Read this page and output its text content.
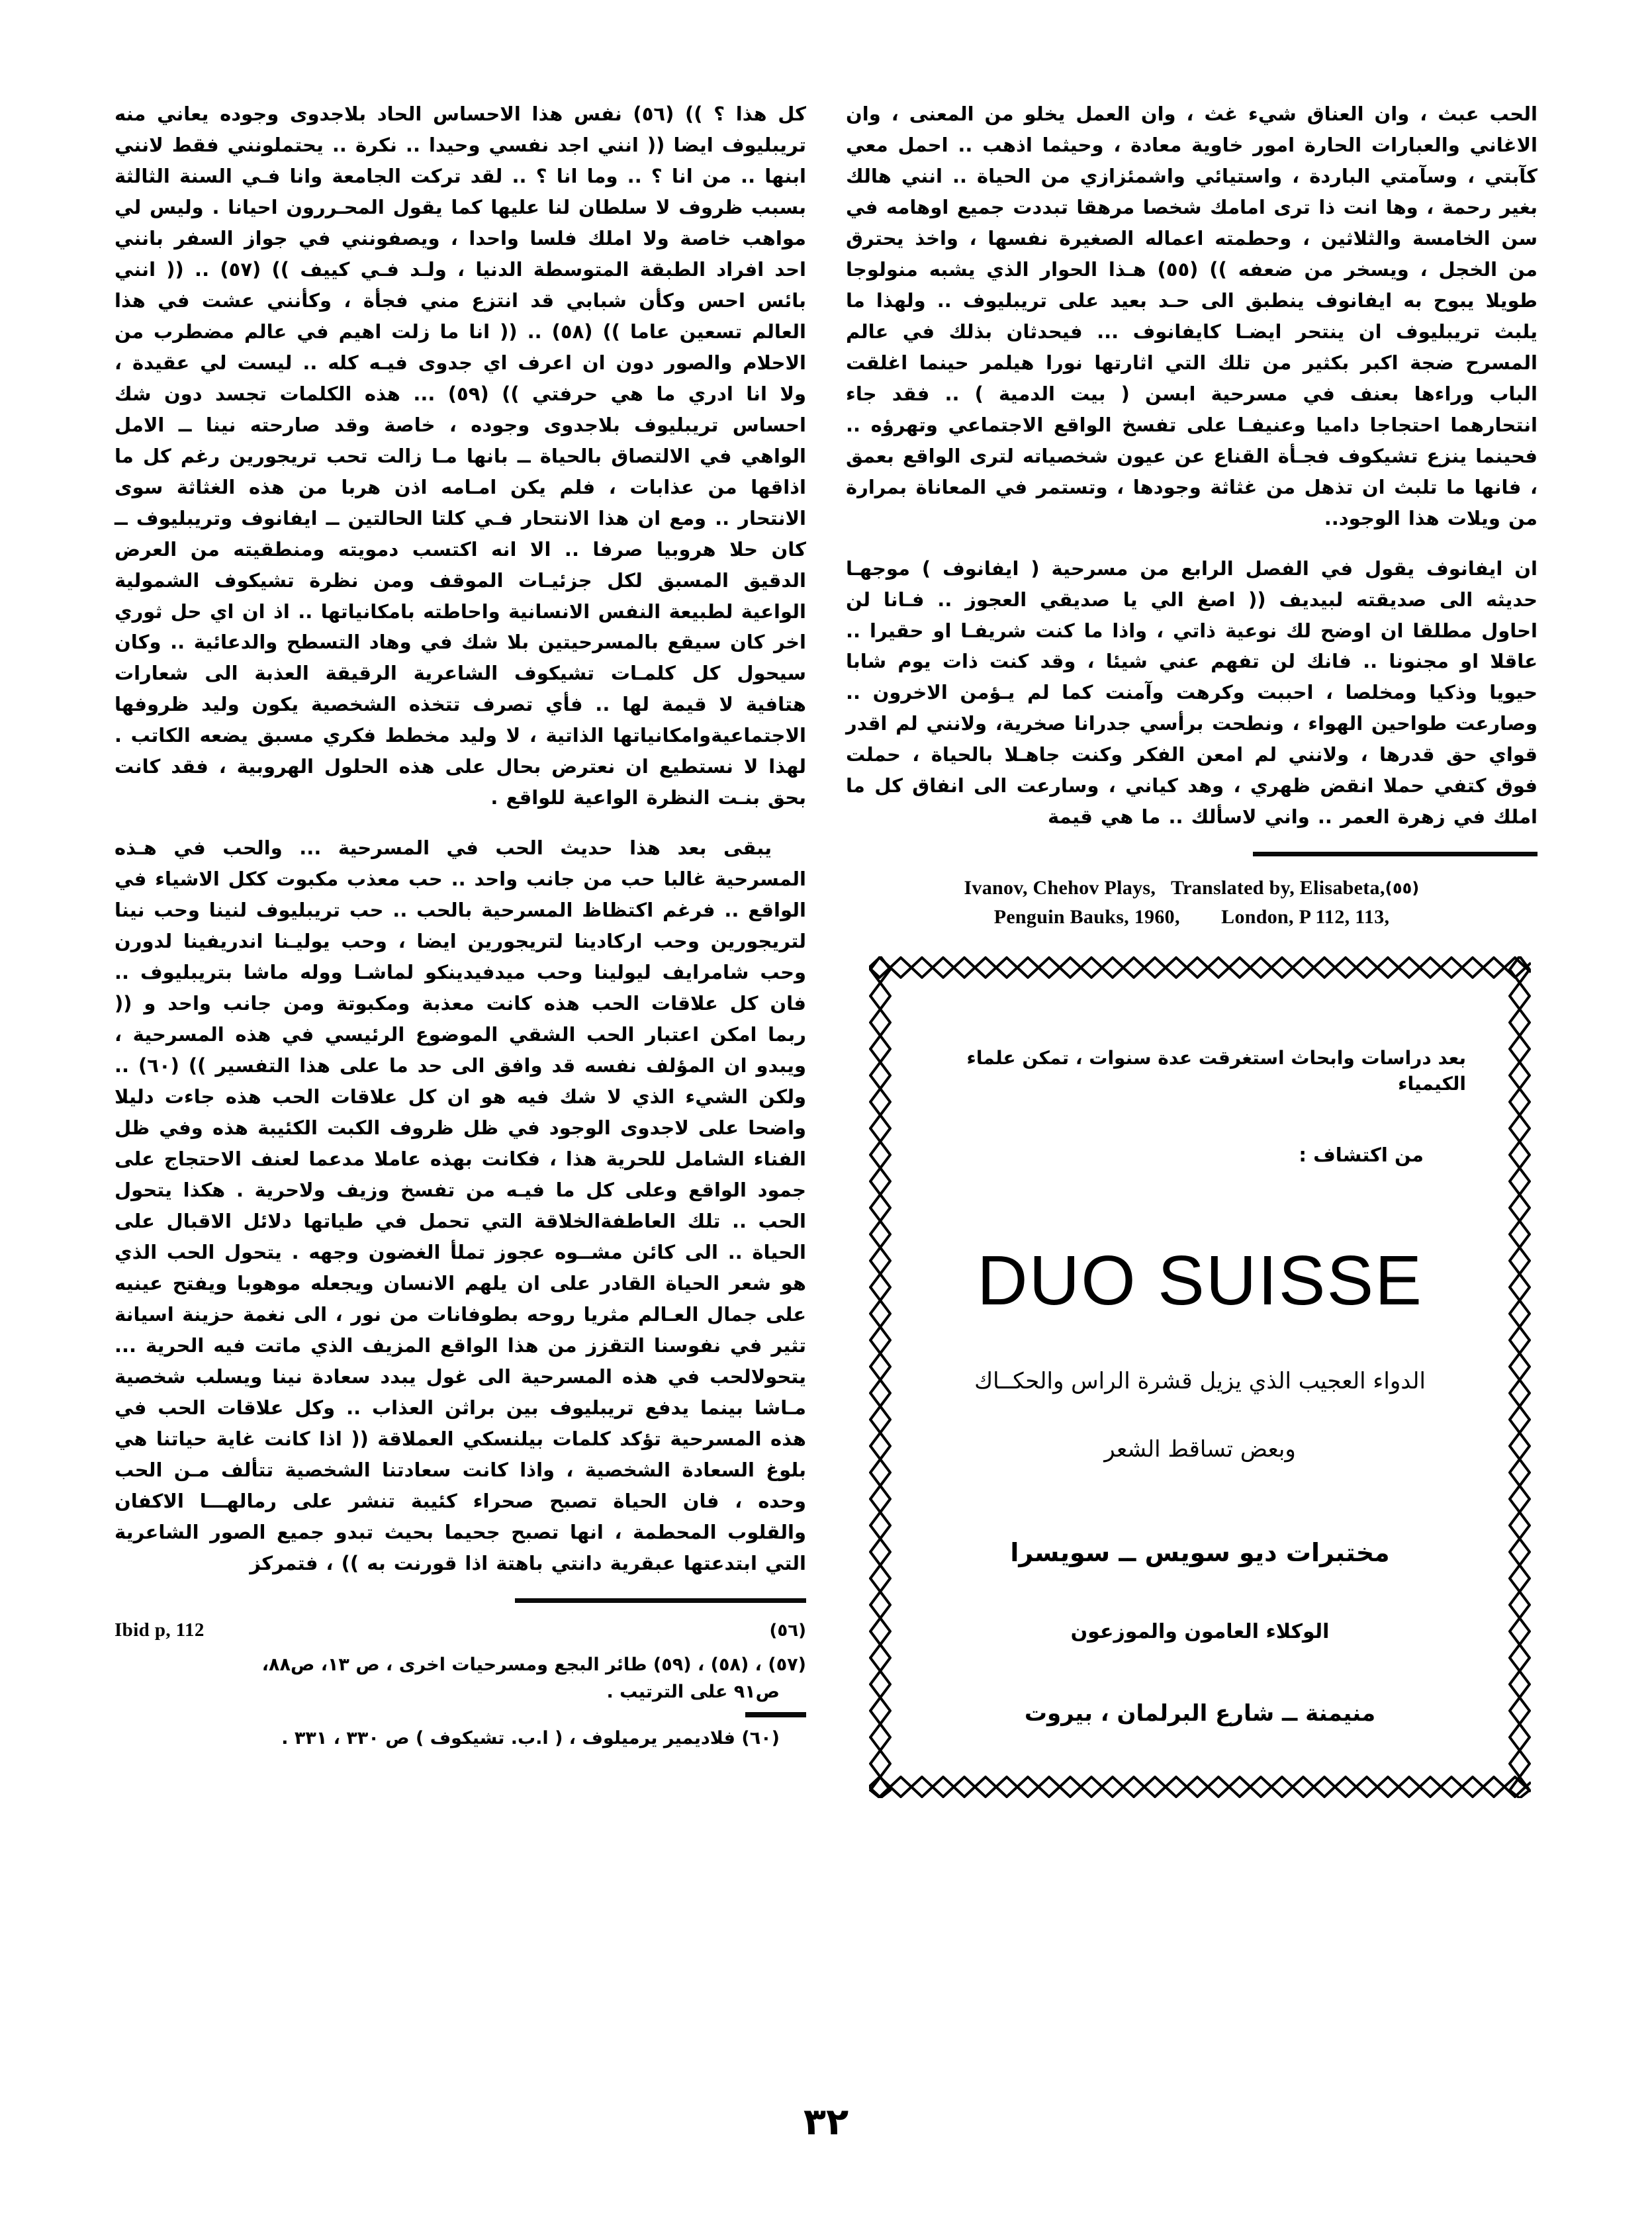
الحب عبث ، وان العناق شيء غث ، وان العمل يخلو من المعنى ، وان الاغاني والعبارات الحارة امور خاوية معادة ، وحيثما اذهب .. احمل معي كآبتي ، وسآمتي الباردة ، واستيائي واشمئزازي من الحياة .. انني هالك بغير رحمة ، وها انت ذا ترى امامك شخصا مرهقا تبددت جميع اوهامه في سن الخامسة والثلاثين ، وحطمته اعماله الصغيرة نفسها ، واخذ يحترق من الخجل ، ويسخر من ضعفه )) (٥٥) هـذا الحوار الذي يشبه منولوجا طويلا يبوح به ايفانوف ينطبق الى حـد بعيد على تريبليوف .. ولهذا ما يلبث تريبليوف ان ينتحر ايضـا كايفانوف ... فيحدثان بذلك في عالم المسرح ضجة اكبر بكثير من تلك التي اثارتها نورا هيلمر حينما اغلقت الباب وراءها بعنف في مسرحية ابسن ( بيت الدمية ) .. فقد جاء انتحارهما احتجاجا داميا وعنيفـا على تفسخ الواقع الاجتماعي وتهرؤه .. فحينما ينزع تشيكوف فجـأة القناع عن عيون شخصياته لترى الواقع بعمق ، فانها ما تلبث ان تذهل من غثاثة وجودها ، وتستمر في المعاناة بمرارة من ويلات هذا الوجود..

ان ايفانوف يقول في الفصل الرابع من مسرحية ( ايفانوف ) موجهـا حديثه الى صديقته لبيديف (( اصغ الي يا صديقي العجوز .. فـانا لن احاول مطلقا ان اوضح لك نوعية ذاتي ، واذا ما كنت شريفـا او حقيرا .. عاقلا او مجنونا .. فانك لن تفهم عني شيئا ، وقد كنت ذات يوم شابا حيويا وذكيا ومخلصا ، احببت وكرهت وآمنت كما لم يـؤمن الاخرون .. وصارعت طواحين الهواء ، ونطحت برأسي جدرانا صخرية، ولانني لم اقدر قواي حق قدرها ، ولانني لم امعن الفكر وكنت جاهـلا بالحياة ، حملت فوق كتفي حملا انقض ظهري ، وهد كياني ، وسارعت الى انفاق كل ما املك في زهرة العمر .. واني لاسألك .. ما هي قيمة

Ivanov, Chehov Plays,   Translated by, Elisabeta,(٥٥)
Penguin Bauks, 1960,        London, P 112, 113,
بعد دراسات وابحاث استغرقت عدة سنوات ، تمكن علماء الكيمياء
من اكتشاف :
DUO SUISSE
الدواء العجيب الذي يزيل قشرة الراس والحكــاك
وبعض تساقط الشعر
مختبرات ديو سويس ــ سويسرا
الوكلاء العامون والموزعون
منيمنة ــ شارع البرلمان ، بيروت

كل هذا ؟ )) (٥٦) نفس هذا الاحساس الحاد بلاجدوى وجوده يعاني منه تريبليوف ايضا (( انني اجد نفسي وحيدا .. نكرة .. يحتملونني فقط لانني ابنها .. من انا ؟ .. وما انا ؟ .. لقد تركت الجامعة وانا فـي السنة الثالثة بسبب ظروف لا سلطان لنا عليها كما يقول المحـررون احيانا . وليس لي مواهب خاصة ولا املك فلسا واحدا ، ويصفونني في جواز السفر بانني احد افراد الطبقة المتوسطة الدنيا ، ولـد فـي كييف )) (٥٧) .. (( انني بائس احس وكأن شبابي قد انتزع مني فجأة ، وكأنني عشت في هذا العالم تسعين عاما )) (٥٨) .. (( انا ما زلت اهيم في عالم مضطرب من الاحلام والصور دون ان اعرف اي جدوى فيـه كله .. ليست لي عقيدة ، ولا انا ادري ما هي حرفتي )) (٥٩) ... هذه الكلمات تجسد دون شك احساس تريبليوف بلاجدوى وجوده ، خاصة وقد صارحته نينا ــ الامل الواهي في الالتصاق بالحياة ــ بانها مـا زالت تحب تريجورين رغم كل ما اذاقها من عذابات ، فلم يكن امـامه اذن هربا من هذه الغثاثة سوى الانتحار .. ومع ان هذا الانتحار فـي كلتا الحالتين ــ ايفانوف وتريبليوف ــ كان حلا هروبيا صرفا .. الا انه اكتسب دمويته ومنطقيته من العرض الدقيق المسبق لكل جزئيـات الموقف ومن نظرة تشيكوف الشمولية الواعية لطبيعة النفس الانسانية واحاطته بامكانياتها .. اذ ان اي حل ثوري اخر كان سيقع بالمسرحيتين بلا شك في وهاد التسطح والدعائية .. وكان سيحول كل كلمـات تشيكوف الشاعرية الرقيقة العذبة الى شعارات هتافية لا قيمة لها .. فأي تصرف تتخذه الشخصية يكون وليد ظروفها الاجتماعيةوامكانياتها الذاتية ، لا وليد مخطط فكري مسبق يضعه الكاتب . لهذا لا نستطيع ان نعترض بحال على هذه الحلول الهروبية ، فقد كانت بحق بنـت النظرة الواعية للواقع .

يبقى بعد هذا حديث الحب في المسرحية ... والحب في هـذه المسرحية غالبا حب من جانب واحد .. حب معذب مكبوت ككل الاشياء في الواقع .. فرغم اكتظاظ المسرحية بالحب .. حب تريبليوف لنينا وحب نينا لتريجورين وحب اركادينا لتريجورين ايضا ، وحب يوليـنا اندريفينا لدورن وحب شامرايف ليولينا وحب ميدفيدينكو لماشـا ووله ماشا بتريبليوف .. فان كل علاقات الحب هذه كانت معذبة ومكبوتة ومن جانب واحد و (( ربما امكن اعتبار الحب الشقي الموضوع الرئيسي في هذه المسرحية ، ويبدو ان المؤلف نفسه قد وافق الى حد ما على هذا التفسير )) (٦٠) .. ولكن الشيء الذي لا شك فيه هو ان كل علاقات الحب هذه جاءت دليلا واضحا على لاجدوى الوجود في ظل ظروف الكبت الكئيبة هذه وفي ظل الفناء الشامل للحرية هذا ، فكانت بهذه عاملا مدعما لعنف الاحتجاج على جمود الواقع وعلى كل ما فيـه من تفسخ وزيف ولاحرية . هكذا يتحول الحب .. تلك العاطفةالخلاقة التي تحمل في طياتها دلائل الاقبال على الحياة .. الى كائن مشــوه عجوز تملأ الغضون وجهه . يتحول الحب الذي هو شعر الحياة القادر على ان يلهم الانسان ويجعله موهوبا ويفتح عينيه على جمال العـالم مثريا روحه بطوفانات من نور ، الى نغمة حزينة اسيانة تثير في نفوسنا التقزز من هذا الواقع المزيف الذي ماتت فيه الحرية ... يتحولالحب في هذه المسرحية الى غول يبدد سعادة نينا ويسلب شخصية مـاشا بينما يدفع تريبليوف بين براثن العذاب .. وكل علاقات الحب في هذه المسرحية تؤكد كلمات بيلنسكي العملاقة (( اذا كانت غاية حياتنا هي بلوغ السعادة الشخصية ، واذا كانت سعادتنا الشخصية تتألف مـن الحب وحده ، فان الحياة تصبح صحراء كئيبة تنشر على رمالهـــا الاكفان والقلوب المحطمة ، انها تصبح جحيما بحيث تبدو جميع الصور الشاعرية التي ابتدعتها عبقرية دانتي باهتة اذا قورنت به )) ، فتمركز

(٥٦)
Ibid p, 112
(٥٧) ، (٥٨) ، (٥٩) طائر البجع ومسرحيات اخرى ، ص ١٣، ص٨٨،
ص٩١ على الترتيب .
(٦٠) فلاديمير يرميلوف ، ( ا.ب. تشيكوف ) ص ٣٣٠ ، ٣٣١ .
٣٢
